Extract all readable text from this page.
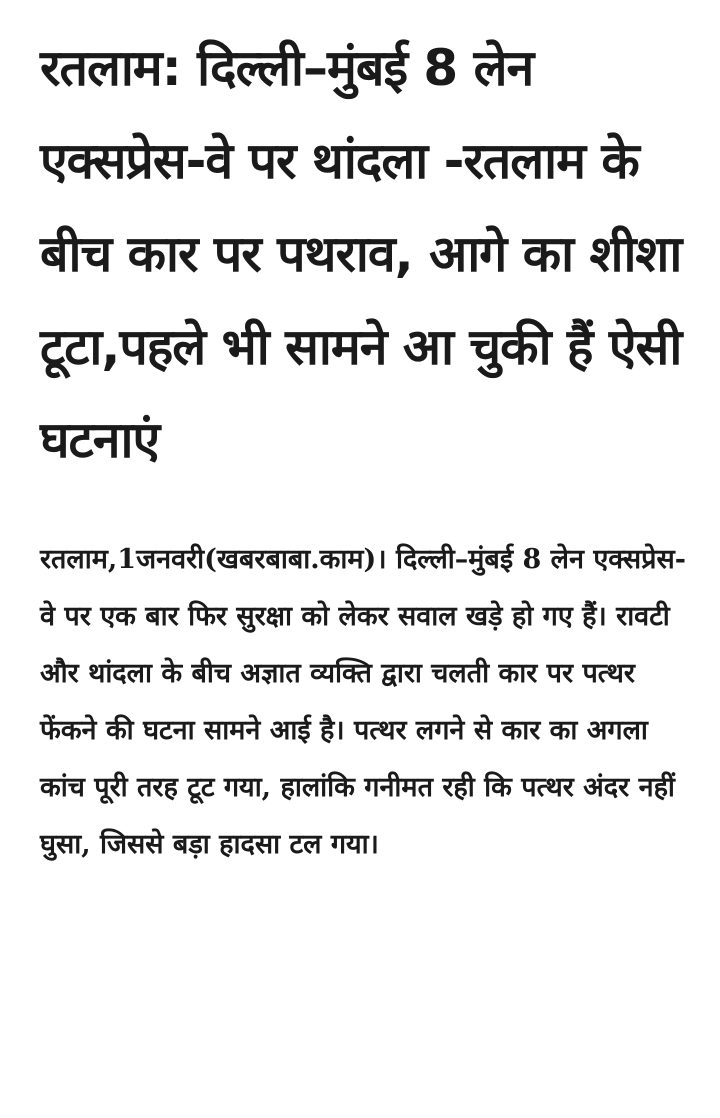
रतलाम: दिल्ली–मुंबई 8 लेन एक्सप्रेस-वे पर थांदला -रतलाम के बीच कार पर पथराव, आगे का शीशा टूटा,पहले भी सामने आ चुकी हैं ऐसी घटनाएं

रतलाम,1जनवरी(खबरबाबा.काम)। दिल्ली–मुंबई 8 लेन एक्सप्रेस-वे पर एक बार फिर सुरक्षा को लेकर सवाल खड़े हो गए हैं। रावटी और थांदला के बीच अज्ञात व्यक्ति द्वारा चलती कार पर पत्थर फेंकने की घटना सामने आई है। पत्थर लगने से कार का अगला कांच पूरी तरह टूट गया, हालांकि गनीमत रही कि पत्थर अंदर नहीं घुसा, जिससे बड़ा हादसा टल गया।
